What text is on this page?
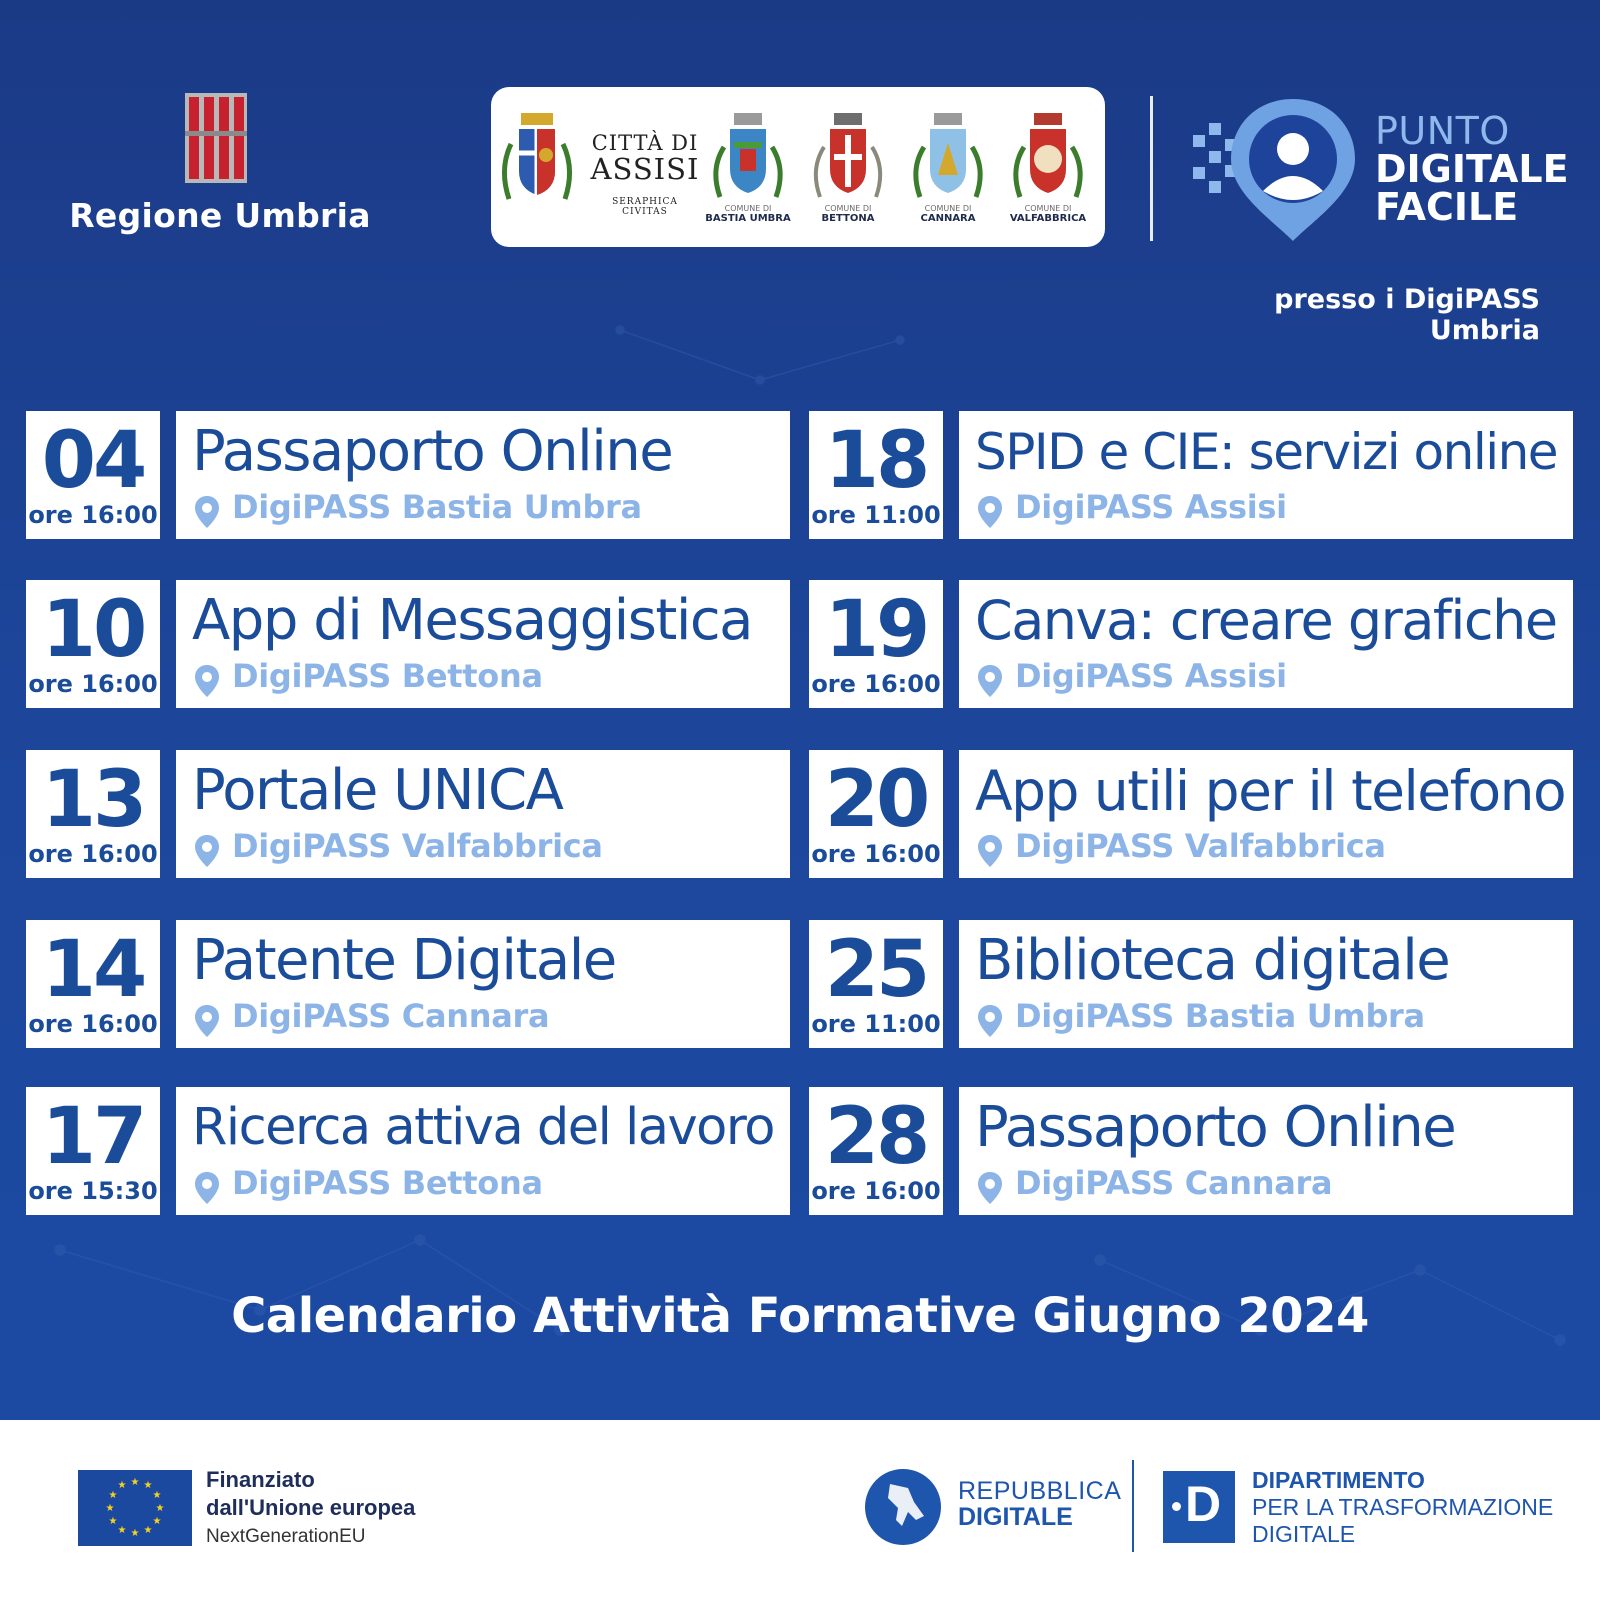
Regione Umbria
CITTÀ DI
ASSISI
SERAPHICA CIVITAS	COMUNE DI
BASTIA UMBRA
COMUNE DI
BETTONA
COMUNE DI
CANNARA
COMUNE DI
VALFABBRICA
PUNTO
DIGITALE
FACILE
presso i DigiPASS Umbria
04
ore 16:00
Passaporto Online
DigiPASS Bastia Umbra
10
ore 16:00
App di Messaggistica
DigiPASS Bettona
13
ore 16:00
Portale UNICA
DigiPASS Valfabbrica
14
ore 16:00
Patente Digitale
DigiPASS Cannara
17
ore 15:30
Ricerca attiva del lavoro
DigiPASS Bettona
18
ore 11:00
SPID e CIE: servizi online
DigiPASS Assisi
19
ore 16:00
Canva: creare grafiche
DigiPASS Assisi
20
ore 16:00
App utili per il telefono
DigiPASS Valfabbrica
25
ore 11:00
Biblioteca digitale
DigiPASS Bastia Umbra
28
ore 16:00
Passaporto Online
DigiPASS Cannara
Calendario Attività Formative Giugno 2024
★ ★
★
★
★
★
★
★
★
★
★
★	Finanziato
dall'Unione europea
NextGenerationEU
REPUBBLICA
DIGITALE	D DIPARTIMENTO
PER LA TRASFORMAZIONE
DIGITALE
